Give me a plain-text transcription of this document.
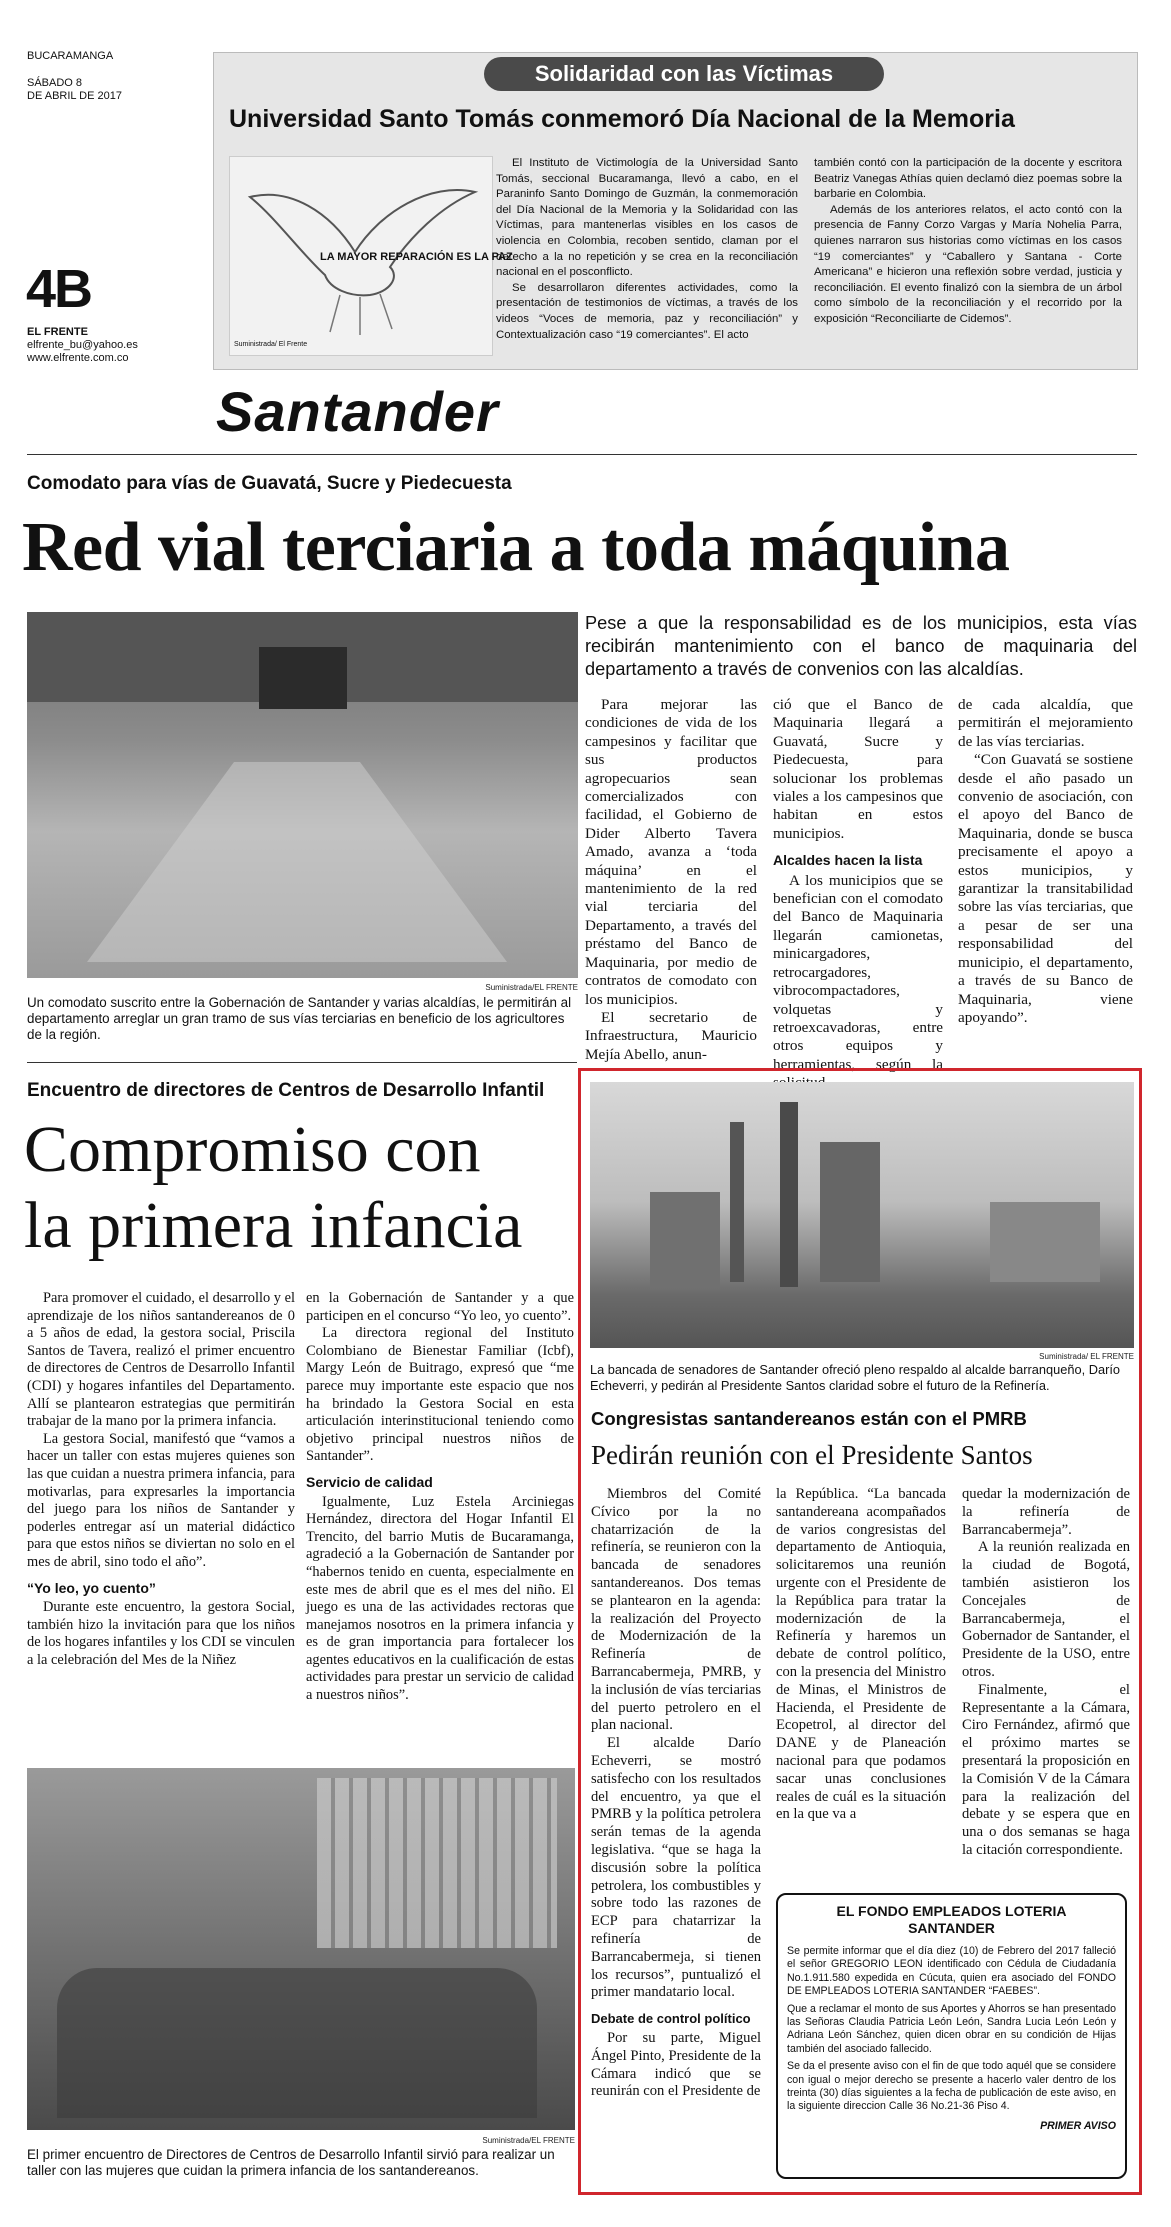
BUCARAMANGA
SÁBADO 8
DE ABRIL DE 2017
4B
EL FRENTE
elfrente_bu@yahoo.es
www.elfrente.com.co
Solidaridad con las Víctimas
Universidad Santo Tomás conmemoró Día Nacional de la Memoria
LA MAYOR REPARACIÓN ES LA PAZ
Suministrada/ El Frente

El Instituto de Victimología de la Universidad Santo Tomás, seccional Bucaramanga, llevó a cabo, en el Paraninfo Santo Domingo de Guzmán, la conmemoración del Día Nacional de la Memoria y la Solidaridad con las Víctimas, para mantenerlas visibles en los casos de violencia en Colombia, recoben sentido, claman por el derecho a la no repetición y se crea en la reconciliación nacional en el posconflicto.

Se desarrollaron diferentes actividades, como la presentación de testimonios de víctimas, a través de los videos “Voces de memoria, paz y reconciliación” y Contextualización caso “19 comerciantes”. El acto

también contó con la participación de la docente y escritora Beatriz Vanegas Athías quien declamó diez poemas sobre la barbarie en Colombia.

Además de los anteriores relatos, el acto contó con la presencia de Fanny Corzo Vargas y María Nohelia Parra, quienes narraron sus historias como víctimas en los casos “19 comerciantes” y “Caballero y Santana - Corte Americana” e hicieron una reflexión sobre verdad, justicia y reconciliación. El evento finalizó con la siembra de un árbol como símbolo de la reconciliación y el recorrido por la exposición “Reconciliarte de Cidemos”.

Santander
Comodato para vías de Guavatá, Sucre y Piedecuesta
Red vial terciaria a toda máquina
Suministrada/EL FRENTE
Un comodato suscrito entre la Gobernación de Santander y varias alcaldías, le permitirán al departamento arreglar un gran tramo de sus vías terciarias en beneficio de los agricultores de la región.
Pese a que la responsabilidad es de los municipios, esta vías recibirán mantenimiento con el banco de maquinaria del departamento a través de convenios con las alcaldías.

Para mejorar las condiciones de vida de los campesinos y facilitar que sus productos agropecuarios sean comercializados con facilidad, el Gobierno de Dider Alberto Tavera Amado, avanza a ‘toda máquina’ en el mantenimiento de la red vial terciaria del Departamento, a través del préstamo del Banco de Maquinaria, por medio de contratos de comodato con los municipios.

El secretario de Infraestructura, Mauricio Mejía Abello, anun-

ció que el Banco de Maquinaria llegará a Guavatá, Sucre y Piedecuesta, para solucionar los problemas viales a los campesinos que habitan en estos municipios.

Alcaldes hacen la lista

A los municipios que se benefician con el comodato del Banco de Maquinaria llegarán camionetas, minicargadores, retrocargadores, vibrocompactadores, volquetas y retroexcavadoras, entre otros equipos y herramientas, según la

de cada alcaldía, que permitirán el mejoramiento de las vías terciarias.

“Con Guavatá se sostiene desde el año pasado un convenio de asociación, con el apoyo del Banco de Maquinaria, donde se busca precisamente el apoyo a estos municipios, y garantizar la transitabilidad sobre las vías terciarias, que a pesar de ser una responsabilidad del municipio, el departamento, a través de su Banco de Maquinaria, viene apoyando”.

Encuentro de directores de Centros de Desarrollo Infantil
Compromiso con
la primera infancia

Para promover el cuidado, el desarrollo y el aprendizaje de los niños santandereanos de 0 a 5 años de edad, la gestora social, Priscila Santos de Tavera, realizó el primer encuentro de directores de Centros de Desarrollo Infantil (CDI) y hogares infantiles del Departamento. Allí se plantearon estrategias que permitirán trabajar de la mano por la primera infancia.

La gestora Social, manifestó que “vamos a hacer un taller con estas mujeres quienes son las que cuidan a nuestra primera infancia, para motivarlas, para expresarles la importancia del juego para los niños de Santander y poderles entregar así un material didáctico para que estos niños se diviertan no solo en el mes de abril, sino todo el año”.

“Yo leo, yo cuento”

Durante este encuentro, la gestora Social, también hizo la invitación para que los niños de los hogares infantiles y los CDI se vinculen a la celebración del Mes de la Niñez

en la Gobernación de Santander y a que participen en el concurso “Yo leo, yo cuento”.

La directora regional del Instituto Colombiano de Bienestar Familiar (Icbf), Margy León de Buitrago, expresó que “me parece muy importante este espacio que nos ha brindado la Gestora Social en esta articulación interinstitucional teniendo como objetivo principal nuestros niños de Santander”.

Servicio de calidad

Igualmente, Luz Estela Arciniegas Hernández, directora del Hogar Infantil El Trencito, del barrio Mutis de Bucaramanga, agradeció a la Gobernación de Santander por “habernos tenido en cuenta, especialmente en este mes de abril que es el mes del niño. El juego es una de las actividades rectoras que manejamos nosotros en la primera infancia y es de gran importancia para fortalecer los agentes educativos en la cualificación de estas actividades para prestar un servicio de calidad a nuestros niños”.

Suministrada/EL FRENTE
El primer encuentro de Directores de Centros de Desarrollo Infantil sirvió para realizar un taller con las mujeres que cuidan la primera infancia de los santandereanos.
Suministrada/ EL FRENTE
La bancada de senadores de Santander ofreció pleno respaldo al alcalde barranqueño, Darío Echeverri, y pedirán al Presidente Santos claridad sobre el futuro de la Refinería.
Congresistas santandereanos están con el PMRB
Pedirán reunión con el Presidente Santos

Miembros del Comité Cívico por la no chatarrización de la refinería, se reunieron con la bancada de senadores santandereanos. Dos temas se plantearon en la agenda: la realización del Proyecto de Modernización de la Refinería de Barrancabermeja, PMRB, y la inclusión de vías terciarias del puerto petrolero en el plan nacional.

El alcalde Darío Echeverri, se mostró satisfecho con los resultados del encuentro, ya que el PMRB y la política petrolera serán temas de la agenda legislativa. “que se haga la discusión sobre la política petrolera, los combustibles y sobre todo las razones de ECP para chatarrizar la refinería de Barrancabermeja, si tienen los recursos”, puntualizó el primer mandatario local.

Debate de control político

Por su parte, Miguel Ángel Pinto, Presidente de la Cámara indicó que se reunirán con el Presidente de

la República. “La bancada santandereana acompañados de varios congresistas del departamento de Antioquia, solicitaremos una reunión urgente con el Presidente de la República para tratar la modernización de la Refinería y haremos un debate de control político, con la presencia del Ministro de Minas, el Ministros de Hacienda, el Presidente de Ecopetrol, al director del DANE y de Planeación nacional para que podamos sacar unas conclusiones reales de cuál es la situación en la que va a

quedar la modernización de la refinería de Barrancabermeja”.

A la reunión realizada en la ciudad de Bogotá, también asistieron los Concejales de Barrancabermeja, el Gobernador de Santander, el Presidente de la USO, entre otros.

Finalmente, el Representante a la Cámara, Ciro Fernández, afirmó que el próximo martes se presentará la proposición en la Comisión V de la Cámara para la realización del debate y se espera que en una o dos semanas se haga la citación correspondiente.

EL FONDO EMPLEADOS LOTERIA
SANTANDER
Se permite informar que el día diez (10) de Febrero del 2017 falleció el señor GREGORIO LEON identificado con Cédula de Ciudadanía No.1.911.580 expedida en Cúcuta, quien era asociado del FONDO DE EMPLEADOS LOTERIA SANTANDER “FAEBES”.
Que a reclamar el monto de sus Aportes y Ahorros se han presentado las Señoras Claudia Patricia León León, Sandra Lucia León León y Adriana León Sánchez, quien dicen obrar en su condición de Hijas también del asociado fallecido.
Se da el presente aviso con el fin de que todo aquél que se considere con igual o mejor derecho se presente a hacerlo valer dentro de los treinta (30) días siguientes a la fecha de publicación de este aviso, en la siguiente direccion Calle 36 No.21-36 Piso 4.
PRIMER AVISO
